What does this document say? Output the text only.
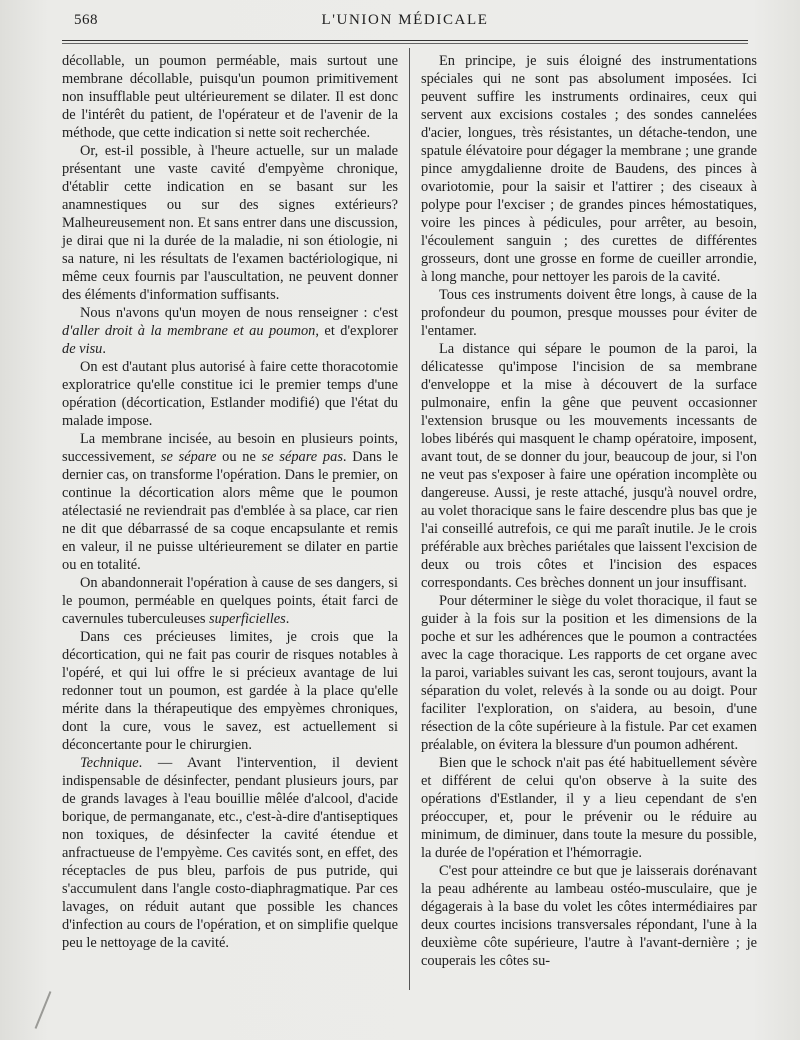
568	L'UNION MÉDICALE

décollable, un poumon perméable, mais surtout une membrane décollable, puisqu'un poumon primitivement non insufflable peut ultérieurement se dilater. Il est donc de l'intérêt du patient, de l'opérateur et de l'avenir de la méthode, que cette indication si nette soit recherchée.

Or, est-il possible, à l'heure actuelle, sur un malade présentant une vaste cavité d'empyème chronique, d'établir cette indication en se basant sur les anamnestiques ou sur des signes extérieurs? Malheureusement non. Et sans entrer dans une discussion, je dirai que ni la durée de la maladie, ni son étiologie, ni sa nature, ni les résultats de l'examen bactériologique, ni même ceux fournis par l'auscultation, ne peuvent donner des éléments d'information suffisants.

Nous n'avons qu'un moyen de nous renseigner : c'est d'aller droit à la membrane et au poumon, et d'explorer de visu.

On est d'autant plus autorisé à faire cette thoracotomie exploratrice qu'elle constitue ici le premier temps d'une opération (décortication, Estlander modifié) que l'état du malade impose.

La membrane incisée, au besoin en plusieurs points, successivement, se sépare ou ne se sépare pas. Dans le dernier cas, on transforme l'opération. Dans le premier, on continue la décortication alors même que le poumon atélectasié ne reviendrait pas d'emblée à sa place, car rien ne dit que débarrassé de sa coque encapsulante et remis en valeur, il ne puisse ultérieurement se dilater en partie ou en totalité.

On abandonnerait l'opération à cause de ses dangers, si le poumon, perméable en quelques points, était farci de cavernules tuberculeuses superficielles.

Dans ces précieuses limites, je crois que la décortication, qui ne fait pas courir de risques notables à l'opéré, et qui lui offre le si précieux avantage de lui redonner tout un poumon, est gardée à la place qu'elle mérite dans la thérapeutique des empyèmes chroniques, dont la cure, vous le savez, est actuellement si déconcertante pour le chirurgien.

Technique. — Avant l'intervention, il devient indispensable de désinfecter, pendant plusieurs jours, par de grands lavages à l'eau bouillie mêlée d'alcool, d'acide borique, de permanganate, etc., c'est-à-dire d'antiseptiques non toxiques, de désinfecter la cavité étendue et anfractueuse de l'empyème. Ces cavités sont, en effet, des réceptacles de pus bleu, parfois de pus putride, qui s'accumulent dans l'angle costo-diaphragmatique. Par ces lavages, on réduit autant que possible les chances d'infection au cours de l'opération, et on simplifie quelque peu le nettoyage de la cavité.

En principe, je suis éloigné des instrumentations spéciales qui ne sont pas absolument imposées. Ici peuvent suffire les instruments ordinaires, ceux qui servent aux excisions costales ; des sondes cannelées d'acier, longues, très résistantes, un détache-tendon, une spatule élévatoire pour dégager la membrane ; une grande pince amygdalienne droite de Baudens, des pinces à ovariotomie, pour la saisir et l'attirer ; des ciseaux à polype pour l'exciser ; de grandes pinces hémostatiques, voire les pinces à pédicules, pour arrêter, au besoin, l'écoulement sanguin ; des curettes de différentes grosseurs, dont une grosse en forme de cueiller arrondie, à long manche, pour nettoyer les parois de la cavité.

Tous ces instruments doivent être longs, à cause de la profondeur du poumon, presque mousses pour éviter de l'entamer.

La distance qui sépare le poumon de la paroi, la délicatesse qu'impose l'incision de sa membrane d'enveloppe et la mise à découvert de la surface pulmonaire, enfin la gêne que peuvent occasionner l'extension brusque ou les mouvements incessants de lobes libérés qui masquent le champ opératoire, imposent, avant tout, de se donner du jour, beaucoup de jour, si l'on ne veut pas s'exposer à faire une opération incomplète ou dangereuse. Aussi, je reste attaché, jusqu'à nouvel ordre, au volet thoracique sans le faire descendre plus bas que je l'ai conseillé autrefois, ce qui me paraît inutile. Je le crois préférable aux brèches pariétales que laissent l'excision de deux ou trois côtes et l'incision des espaces correspondants. Ces brèches donnent un jour insuffisant.

Pour déterminer le siège du volet thoracique, il faut se guider à la fois sur la position et les dimensions de la poche et sur les adhérences que le poumon a contractées avec la cage thoracique. Les rapports de cet organe avec la paroi, variables suivant les cas, seront toujours, avant la séparation du volet, relevés à la sonde ou au doigt. Pour faciliter l'exploration, on s'aidera, au besoin, d'une résection de la côte supérieure à la fistule. Par cet examen préalable, on évitera la blessure d'un poumon adhérent.

Bien que le schock n'ait pas été habituellement sévère et différent de celui qu'on observe à la suite des opérations d'Estlander, il y a lieu cependant de s'en préoccuper, et, pour le prévenir ou le réduire au minimum, de diminuer, dans toute la mesure du possible, la durée de l'opération et l'hémorragie.

C'est pour atteindre ce but que je laisserais dorénavant la peau adhérente au lambeau ostéo-musculaire, que je dégagerais à la base du volet les côtes intermédiaires par deux courtes incisions transversales répondant, l'une à la deuxième côte supérieure, l'autre à l'avant-dernière ; je couperais les côtes su-
